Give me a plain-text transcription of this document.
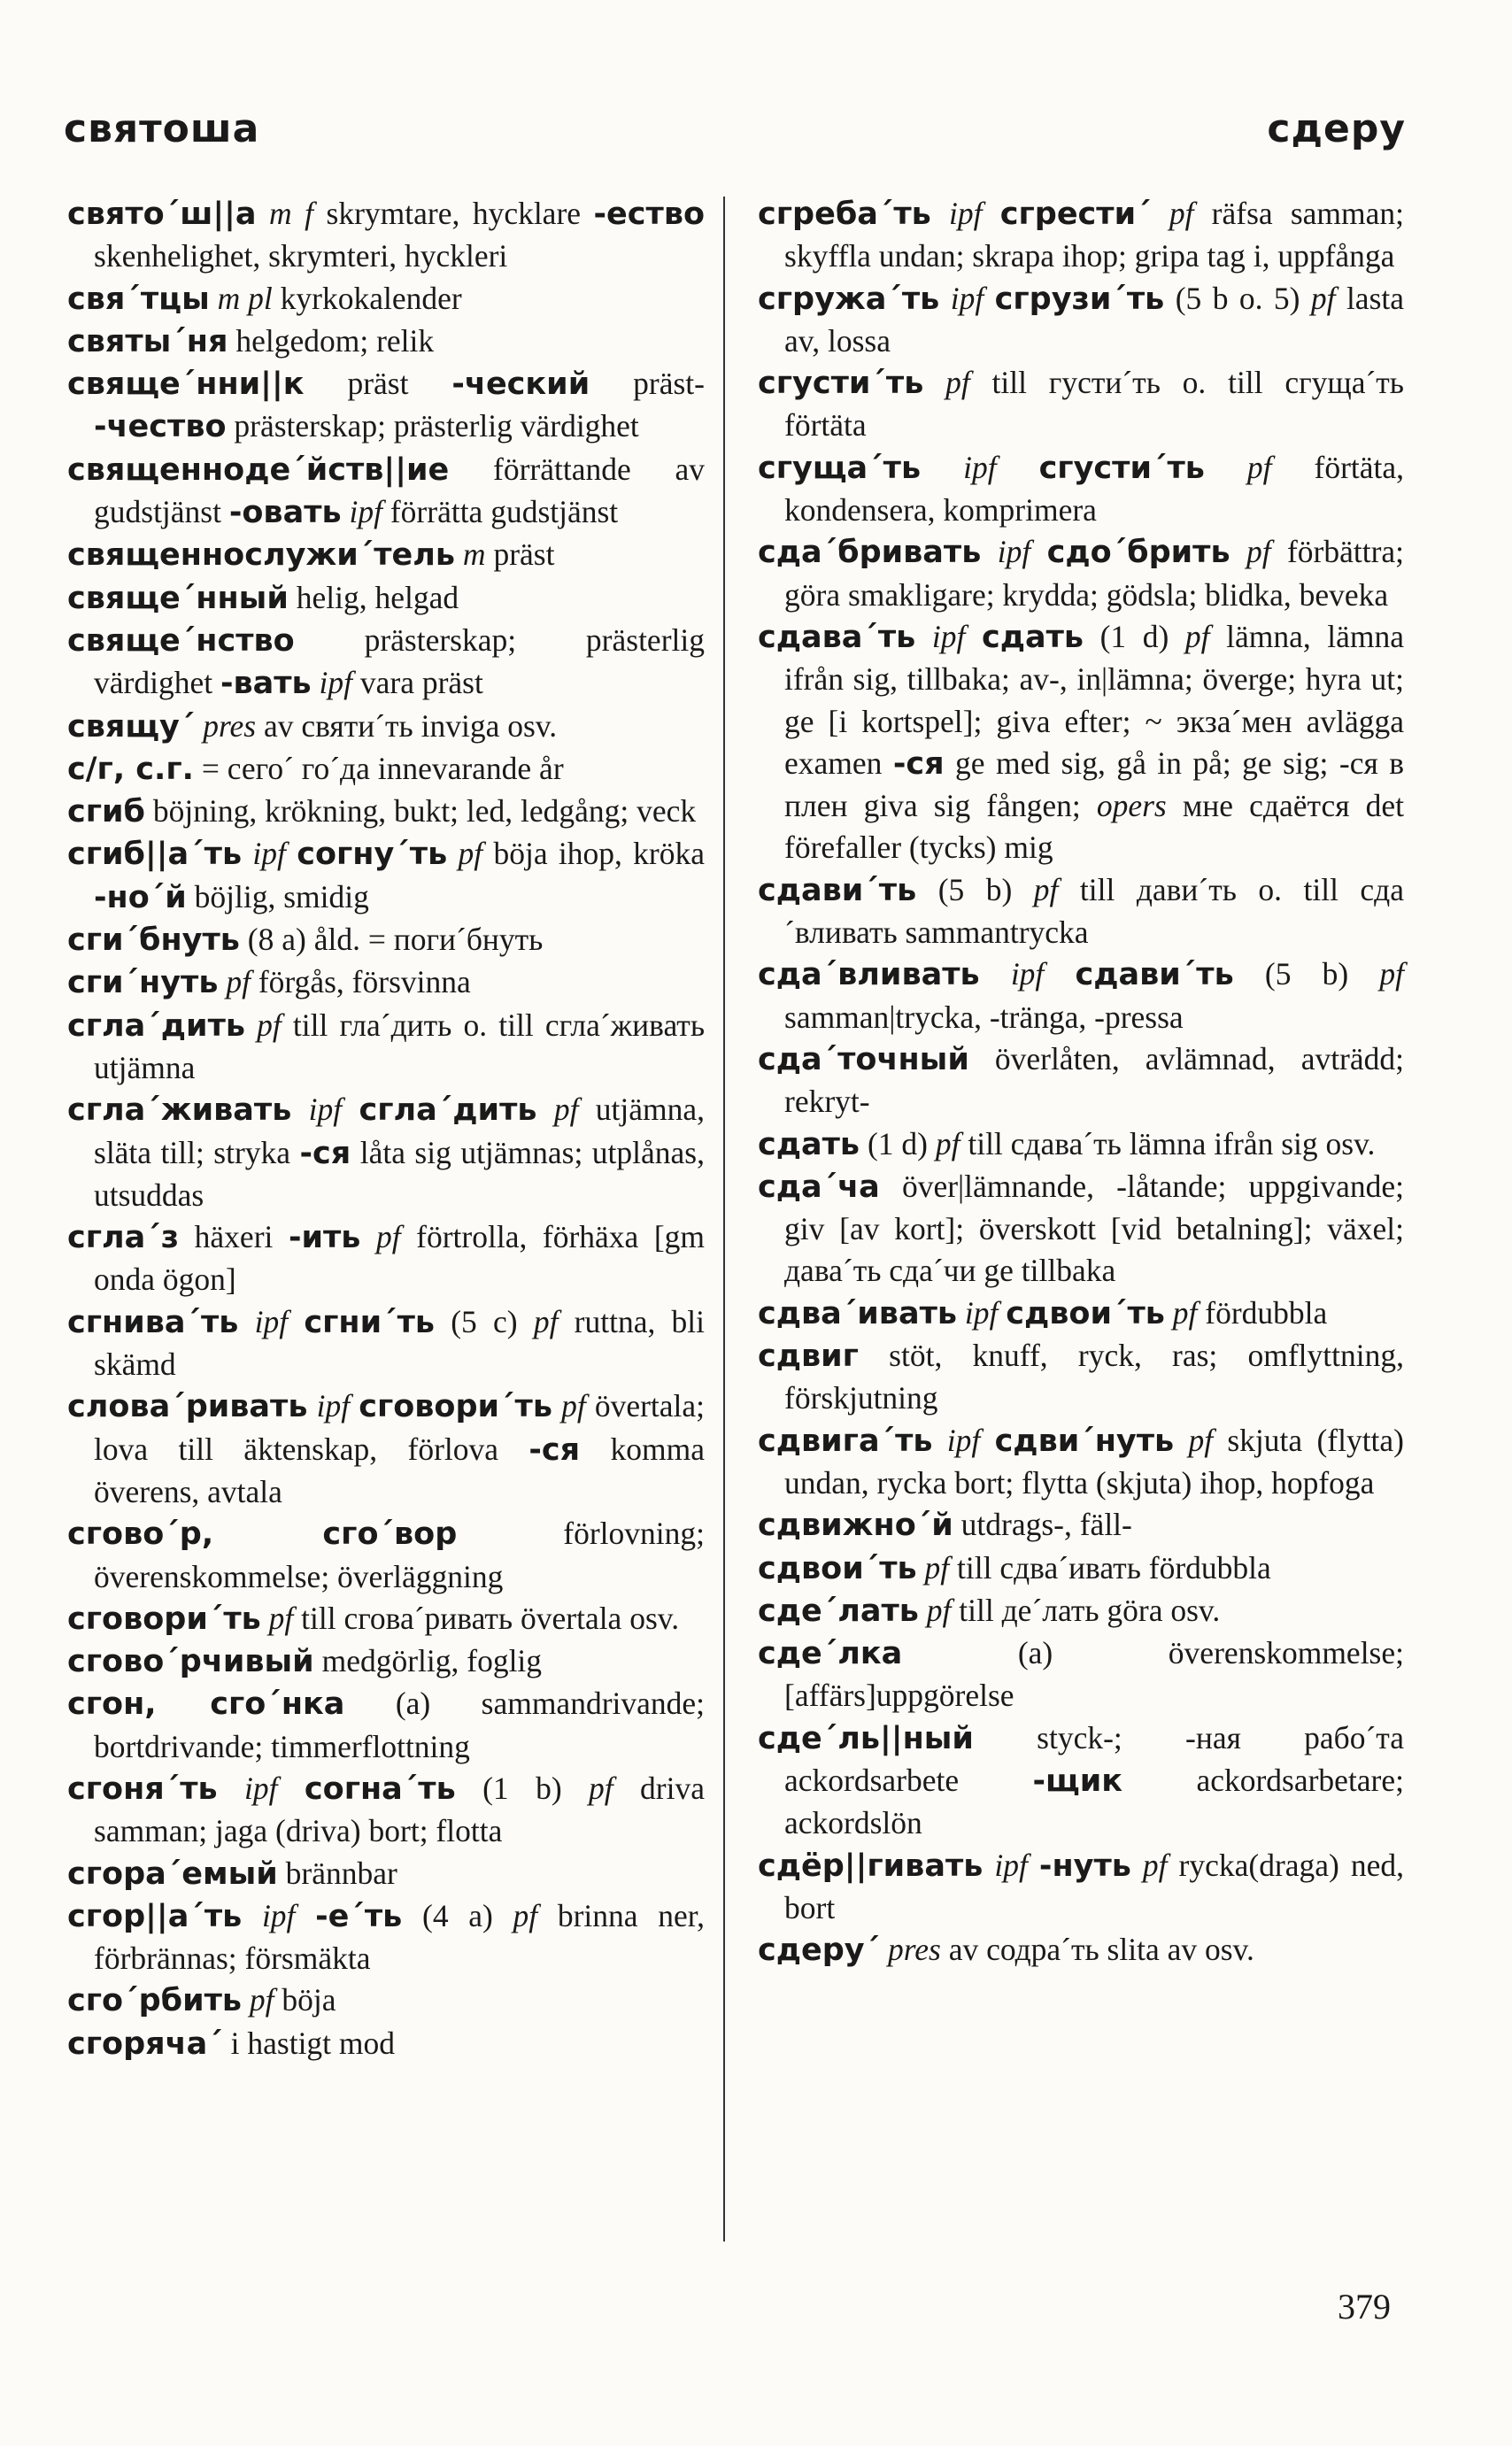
святоша	сдеру

свято´ш||а m f skrymtare, hycklare -ество skenhelighet, skrymteri, hyckleri

свя´тцы m pl kyrkokalender

святы´ня helgedom; relik

свяще´нни||к präst -ческий präst- -чество prästerskap; prästerlig värdighet

священноде´йств||ие förrättande av gudstjänst -овать ipf förrätta gudstjänst

священнослужи´тель m präst

свяще´нный helig, helgad

свяще´нство prästerskap; prästerlig värdighet -вать ipf vara präst

свящу´ pres av святи´ть inviga osv.

с/г, с.г. = сего´ го´да innevarande år

сгиб böjning, krökning, bukt; led, ledgång; veck

сгиб||а´ть ipf согну´ть pf böja ihop, kröka -но´й böjlig, smidig

сги´бнуть (8 a) åld. = поги´бнуть

сги´нуть pf förgås, försvinna

сгла´дить pf till гла´дить o. till сгла´живать utjämna

сгла´живать ipf сгла´дить pf utjämna, släta till; stryka -ся låta sig utjämnas; utplånas, utsuddas

сгла´з häxeri -ить pf förtrolla, förhäxa [gm onda ögon]

сгнива´ть ipf сгни´ть (5 c) pf ruttna, bli skämd

слова´ривать ipf сговори´ть pf övertala; lova till äktenskap, förlova -ся komma överens, avtala

сгово´р, сго´вор förlovning; överenskommelse; överläggning

сговори´ть pf till сгова´ривать övertala osv.

сгово´рчивый medgörlig, foglig

сгон, сго´нка (a) sammandrivande; bortdrivande; timmerflottning

сгоня´ть ipf согна´ть (1 b) pf driva samman; jaga (driva) bort; flotta

сгора´емый brännbar

сгор||а´ть ipf -е´ть (4 a) pf brinna ner, förbrännas; försmäkta

сго´рбить pf böja

сгоряча´ i hastigt mod

сгреба´ть ipf сгрести´ pf räfsa samman; skyffla undan; skrapa ihop; gripa tag i, uppfånga

сгружа´ть ipf сгрузи´ть (5 b o. 5) pf lasta av, lossa

сгусти´ть pf till густи´ть o. till сгуща´ть förtäta

сгуща´ть ipf сгусти´ть pf förtäta, kondensera, komprimera

сда´бривать ipf сдо´брить pf förbättra; göra smakligare; krydda; gödsla; blidka, beveka

сдава´ть ipf сдать (1 d) pf lämna, lämna ifrån sig, tillbaka; av-, in|lämna; överge; hyra ut; ge [i kortspel]; giva efter; ~ экза´мен avlägga examen -ся ge med sig, gå in på; ge sig; -ся в плен giva sig fången; opers мне сдаётся det förefaller (tycks) mig

сдави´ть (5 b) pf till дави´ть o. till сда´вливать sammantrycka

сда´вливать ipf сдави´ть (5 b) pf samman|trycka, -tränga, -pressa

сда´точный överlåten, avlämnad, avträdd; rekryt-

сдать (1 d) pf till сдава´ть lämna ifrån sig osv.

сда´ча över|lämnande, -låtande; uppgivande; giv [av kort]; överskott [vid betalning]; växel; дава´ть сда´чи ge tillbaka

сдва´ивать ipf сдвои´ть pf fördubbla

сдвиг stöt, knuff, ryck, ras; omflyttning, förskjutning

сдвига´ть ipf сдви´нуть pf skjuta (flytta) undan, rycka bort; flytta (skjuta) ihop, hopfoga

сдвижно´й utdrags-, fäll-

сдвои´ть pf till сдва´ивать fördubbla

сде´лать pf till де´лать göra osv.

сде´лка (a) överenskommelse; [affärs]uppgörelse

сде´ль||ный styck-; -ная рабо´та ackordsarbete -щик ackordsarbetare; ackordslön

сдёр||гивать ipf -нуть pf rycka(draga) ned, bort

сдеру´ pres av содра´ть slita av osv.

379
